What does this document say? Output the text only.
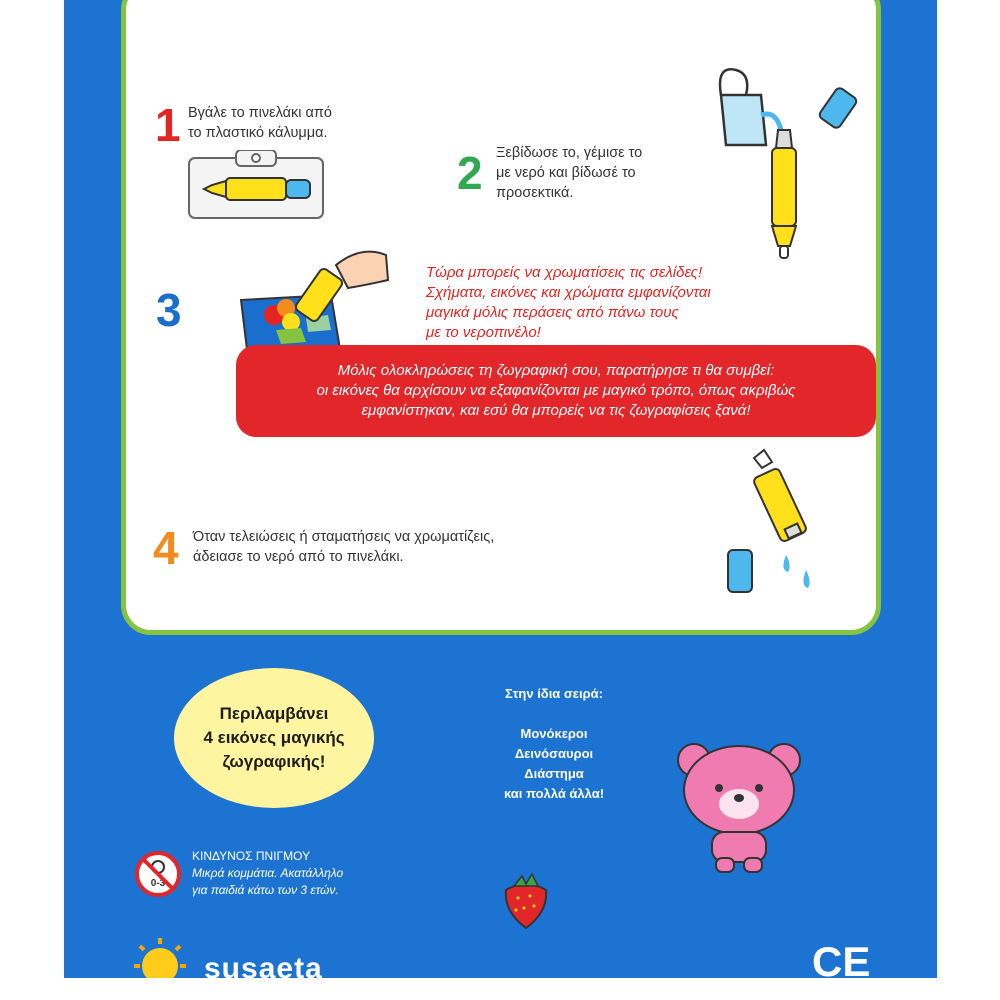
1 Βγάλε το πινελάκι από
το πλαστικό κάλυμμα.
2 Ξεβίδωσε το, γέμισε το
με νερό και βίδωσέ το
προσεκτικά.
3
Τώρα μπορείς να χρωματίσεις τις σελίδες!
Σχήματα, εικόνες και χρώματα εμφανίζονται
μαγικά μόλις περάσεις από πάνω τους
με το νεροπινέλο!
Μόλις ολοκληρώσεις τη ζωγραφική σου, παρατήρησε τι θα συμβεί:
οι εικόνες θα αρχίσουν να εξαφανίζονται με μαγικό τρόπο, όπως ακριβώς
εμφανίστηκαν, και εσύ θα μπορείς να τις ζωγραφίσεις ξανά!
4 Όταν τελειώσεις ή σταματήσεις να χρωματίζεις,
άδειασε το νερό από το πινελάκι.
Περιλαμβάνει
4 εικόνες μαγικής
ζωγραφικής!
Στην ίδια σειρά:
Μονόκεροι
Δεινόσαυροι
Διάστημα
και πολλά άλλα!
0-3
ΚΙΝΔΥΝΟΣ ΠΝΙΓΜΟΥ
Μικρά κομμάτια. Ακατάλληλο
για παιδιά κάτω των 3 ετών.
susaeta	CE
